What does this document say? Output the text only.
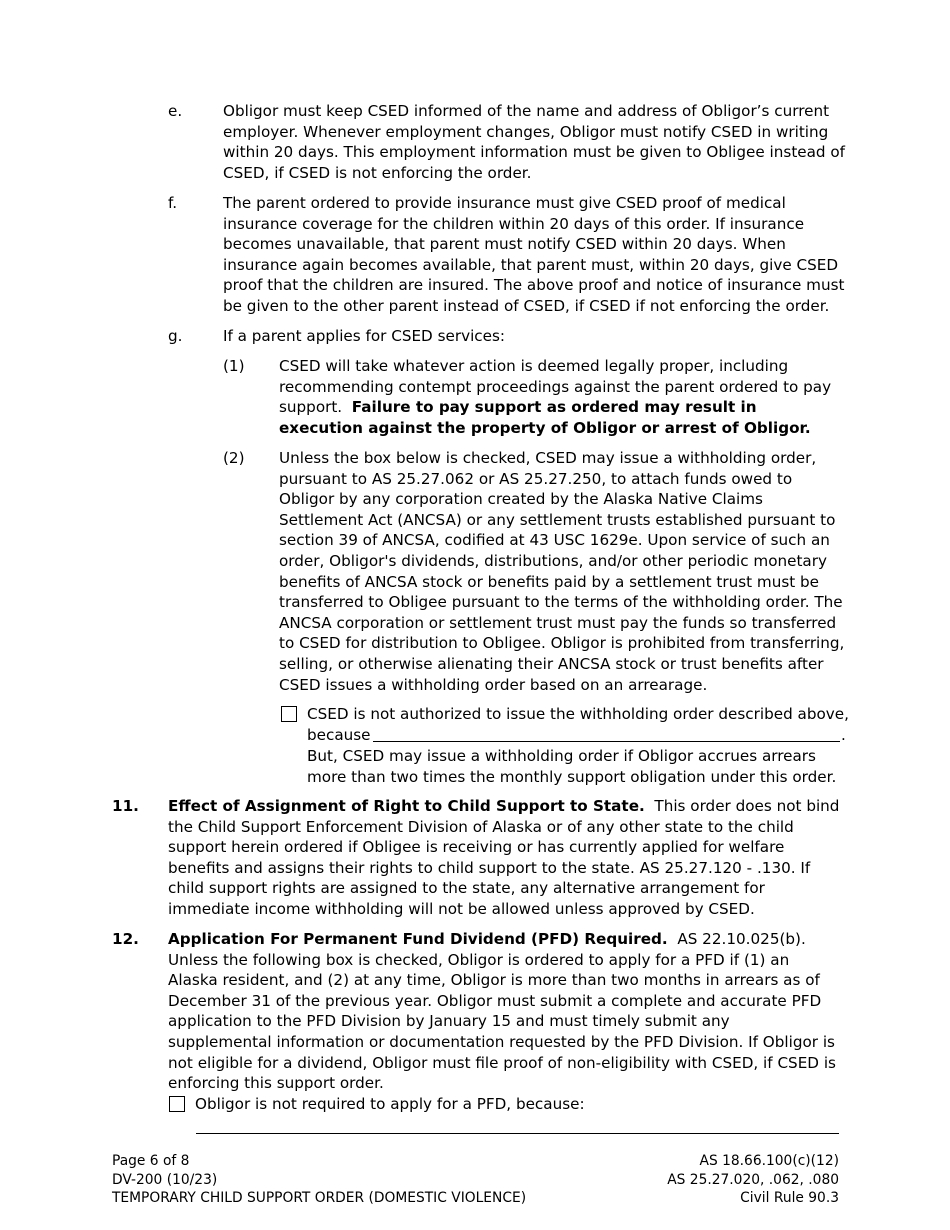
e.	Obligor must keep CSED informed of the name and address of Obligor’s current employer. Whenever employment changes, Obligor must notify CSED in writing within 20 days. This employment information must be given to Obligee instead of CSED, if CSED is not enforcing the order.
f.	The parent ordered to provide insurance must give CSED proof of medical insurance coverage for the children within 20 days of this order. If insurance becomes unavailable, that parent must notify CSED within 20 days. When insurance again becomes available, that parent must, within 20 days, give CSED proof that the children are insured. The above proof and notice of insurance must be given to the other parent instead of CSED, if CSED if not enforcing the order.
g.	If a parent applies for CSED services:
(1) CSED will take whatever action is deemed legally proper, including recommending contempt proceedings against the parent ordered to pay support. Failure to pay support as ordered may result in execution against the property of Obligor or arrest of Obligor.
(2) Unless the box below is checked, CSED may issue a withholding order, pursuant to AS 25.27.062 or AS 25.27.250, to attach funds owed to Obligor by any corporation created by the Alaska Native Claims Settlement Act (ANCSA) or any settlement trusts established pursuant to section 39 of ANCSA, codified at 43 USC 1629e. Upon service of such an order, Obligor's dividends, distributions, and/or other periodic monetary benefits of ANCSA stock or benefits paid by a settlement trust must be transferred to Obligee pursuant to the terms of the withholding order. The ANCSA corporation or settlement trust must pay the funds so transferred to CSED for distribution to Obligee. Obligor is prohibited from transferring, selling, or otherwise alienating their ANCSA stock or trust benefits after CSED issues a withholding order based on an arrearage.
CSED is not authorized to issue the withholding order described above,
because	.
But, CSED may issue a withholding order if Obligor accrues arrears more than two times the monthly support obligation under this order.
11. Effect of Assignment of Right to Child Support to State. This order does not bind the Child Support Enforcement Division of Alaska or of any other state to the child support herein ordered if Obligee is receiving or has currently applied for welfare benefits and assigns their rights to child support to the state. AS 25.27.120 - .130. If child support rights are assigned to the state, any alternative arrangement for immediate income withholding will not be allowed unless approved by CSED.
12. Application For Permanent Fund Dividend (PFD) Required. AS 22.10.025(b). Unless the following box is checked, Obligor is ordered to apply for a PFD if (1) an Alaska resident, and (2) at any time, Obligor is more than two months in arrears as of December 31 of the previous year. Obligor must submit a complete and accurate PFD application to the PFD Division by January 15 and must timely submit any supplemental information or documentation requested by the PFD Division. If Obligor is not eligible for a dividend, Obligor must file proof of non-eligibility with CSED, if CSED is enforcing this support order.
Obligor is not required to apply for a PFD, because:
Page 6 of 8
DV-200 (10/23)
TEMPORARY CHILD SUPPORT ORDER (DOMESTIC VIOLENCE)
AS 18.66.100(c)(12)
AS 25.27.020, .062, .080
Civil Rule 90.3
